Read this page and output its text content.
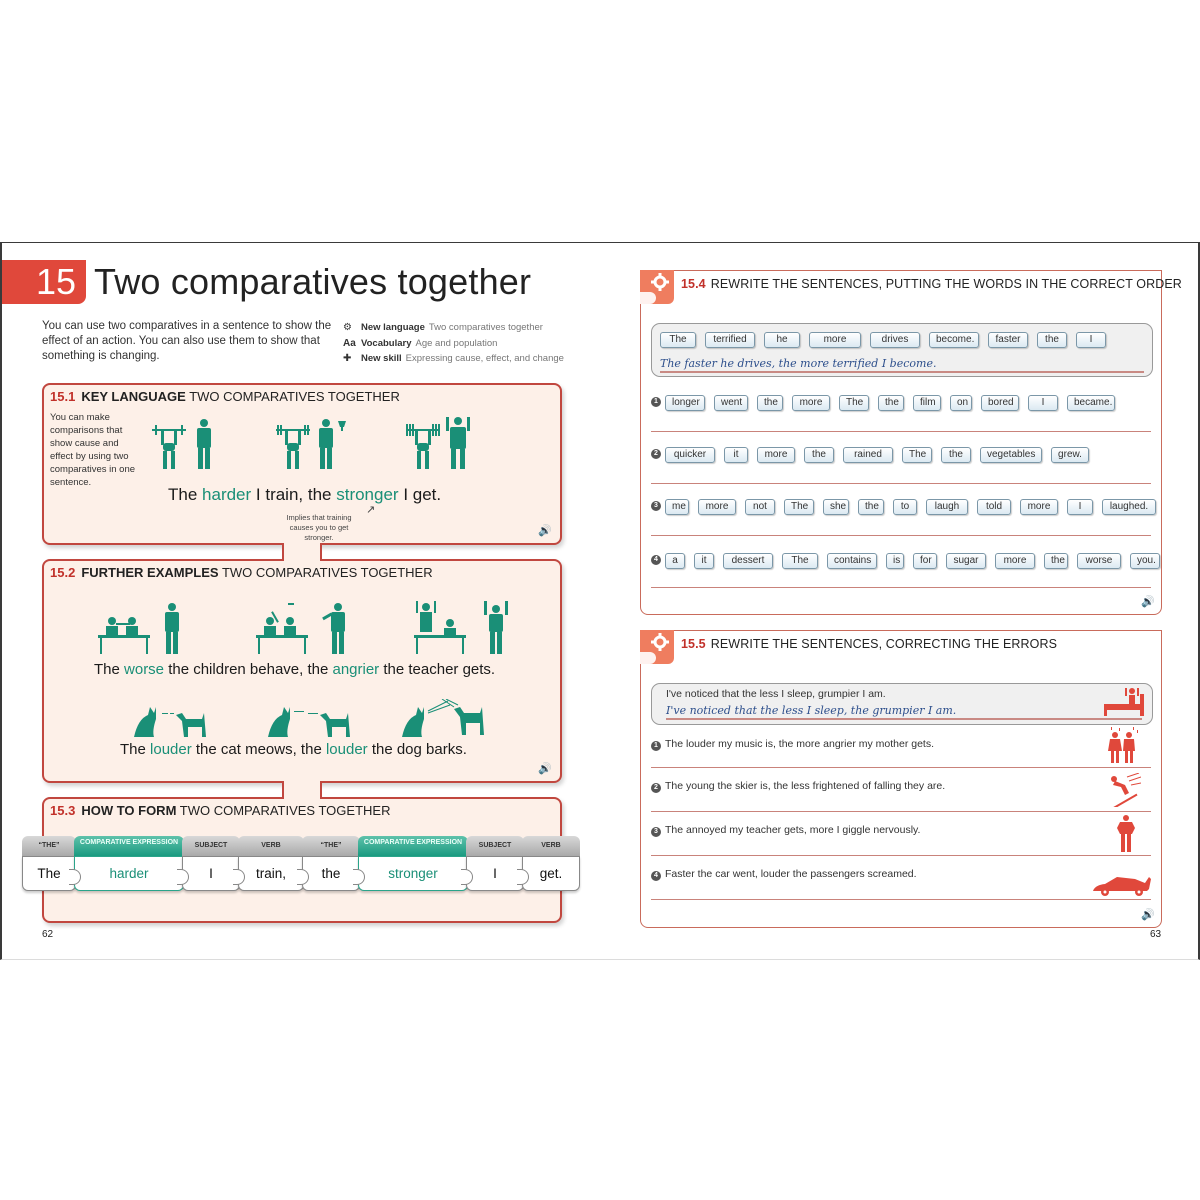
15 Two comparatives together
You can use two comparatives in a sentence to show the effect of an action. You can also use them to show that something is changing.
⚙ New language Two comparatives together
Aa Vocabulary Age and population
✚	New skill Expressing cause, effect, and change
15.1 KEY LANGUAGE TWO COMPARATIVES TOGETHER
You can make comparisons that show cause and effect by using two comparatives in one sentence.
The harder I train, the stronger I get.
Implies that training causes you to get stronger.
↗
🔊
15.2 FURTHER EXAMPLES TWO COMPARATIVES TOGETHER
The worse the children behave, the angrier the teacher gets.
The louder the cat meows, the louder the dog barks.
🔊
15.3 HOW TO FORM TWO COMPARATIVES TOGETHER
“THE”
The
COMPARATIVE EXPRESSION
harder
SUBJECT
I
VERB
train,
“THE”
the
COMPARATIVE EXPRESSION
stronger
SUBJECT
I
VERB
get.
62
15.4 REWRITE THE SENTENCES, PUTTING THE WORDS IN THE CORRECT ORDER
The	terrified	he	more	drives	become.	faster	the	I
The faster he drives, the more terrified I become.
1	longer	went	the	more	The	the	film	on	bored	I	became.
2	quicker	it	more	the	rained	The	the	vegetables	grew.
3	me	more	not	The	she	the	to	laugh	told	more	I	laughed.
4	a	it	dessert	The	contains	is	for	sugar	more	the	worse	you.
🔊
15.5 REWRITE THE SENTENCES, CORRECTING THE ERRORS
I've noticed that the less I sleep, grumpier I am.
I've noticed that the less I sleep, the grumpier I am.
1 The louder my music is, the more angrier my mother gets.
2 The young the skier is, the less frightened of falling they are.
3 The annoyed my teacher gets, more I giggle nervously.
4 Faster the car went, louder the passengers screamed.
🔊
63
